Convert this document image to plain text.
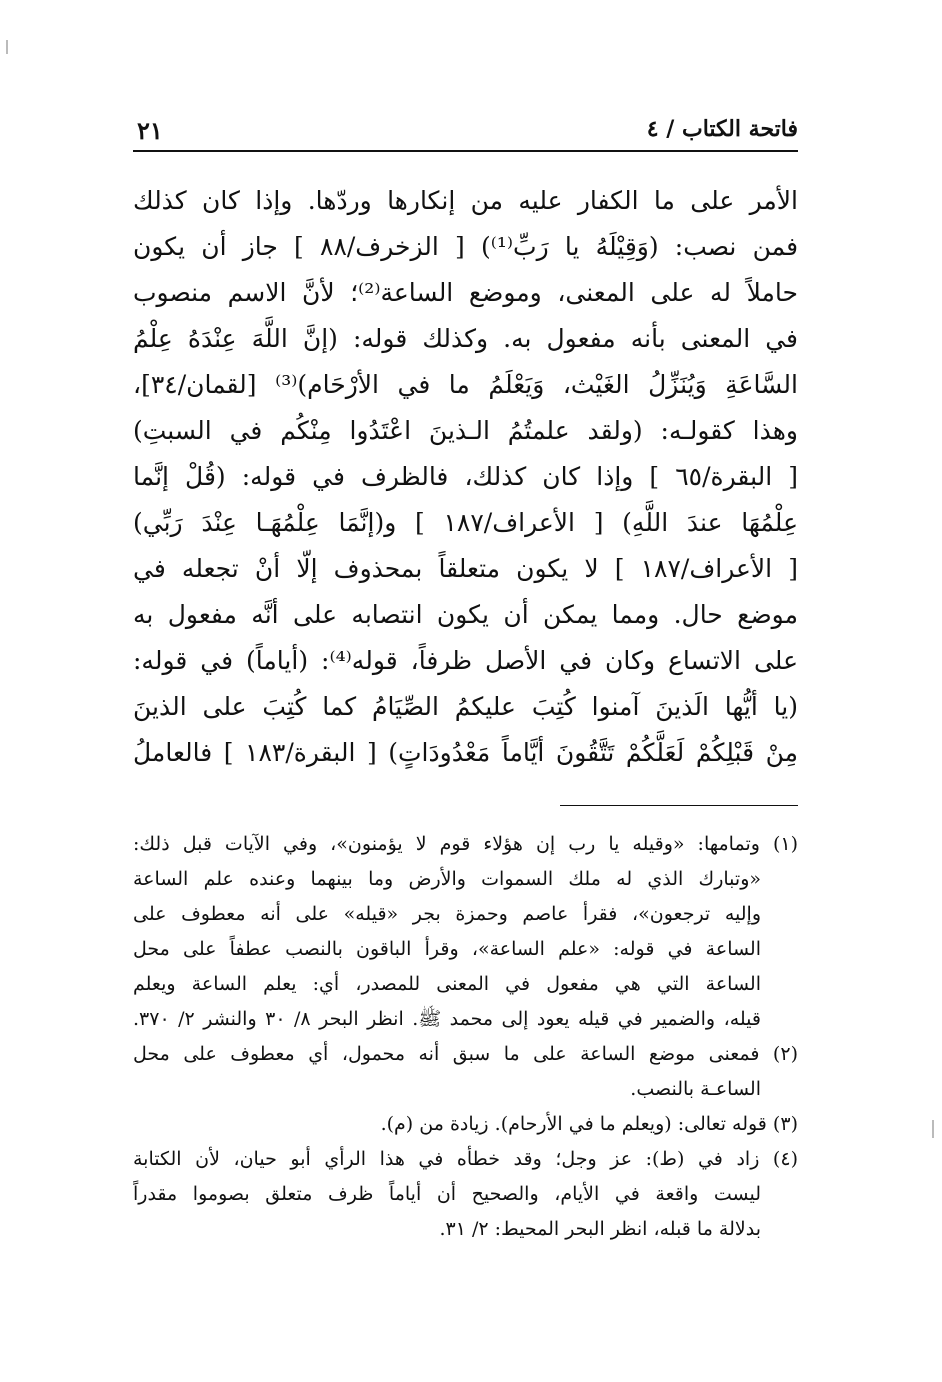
فاتحة الكتاب / ٤
٢١
الأمر على ما الكفار عليه من إنكارها وردّها. وإذا كان كذلك
فمن نصب: (وَقِيْلَهُ يا رَبِّ⁽¹⁾) [ الزخرف/٨٨ ] جاز أن يكون
حاملاً له على المعنى، وموضع الساعة⁽²⁾؛ لأنَّ الاسم منصوب
في المعنى بأنه مفعول به. وكذلك قوله: (إنَّ اللَّهَ عِنْدَهُ عِلْمُ
السَّاعَةِ وَيُنَزِّلُ الغَيْث، وَيَعْلَمُ ما في الأرْحَام)⁽³⁾ [لقمان/٣٤]،
وهذا كقولـه: (ولقد علمتُمُ الـذينَ اعْتَدُوا مِنْكُم في السبتِ)
[ البقرة/٦٥ ] وإذا كان كذلك، فالظرف في قوله: (قُلْ إنَّما
عِلْمُهَا عندَ اللَّهِ) [ الأعراف/١٨٧ ] و(إنَّمَا عِلْمُهَـا عِنْدَ رَبِّي)
[ الأعراف/١٨٧ ] لا يكون متعلقاً بمحذوف إلّا أنْ تجعله في
موضع حال. ومما يمكن أن يكون انتصابه على أنَّه مفعول به
على الاتساع وكان في الأصل ظرفاً، قوله⁽⁴⁾: (أياماً) في قوله:
(يا أيُّها الَذينَ آمنوا كُتِبَ عليكمُ الصِّيَامُ كما كُتِبَ على الذينَ
مِنْ قَبْلِكُمْ لَعَلَّكُمْ تَتَّقُونَ أيَّاماً مَعْدُودَاتٍ) [ البقرة/١٨٣ ] فالعاملُ
(١) وتمامها: «وقيله يا رب إن هؤلاء قوم لا يؤمنون»، وفي الآيات قبل ذلك:
«وتبارك الذي له ملك السموات والأرض وما بينهما وعنده علم الساعة
وإليه ترجعون»، فقرأ عاصم وحمزة بجر «قيله» على أنه معطوف على
الساعة في قوله: «علم الساعة»، وقرأ الباقون بالنصب عطفاً على محل
الساعة التي هي مفعول في المعنى للمصدر، أي: يعلم الساعة ويعلم
قيله، والضمير في قيله يعود إلى محمد ﷺ. انظر البحر ٨/ ٣٠ والنشر ٢/ ٣٧٠.
(٢) فمعنى موضع الساعة على ما سبق أنه محمول، أي معطوف على محل
الساعـة بالنصب.
(٣) قوله تعالى: (ويعلم ما في الأرحام). زيادة من (م).
(٤) زاد في (ط): عز وجل؛ وقد خطأه في هذا الرأي أبو حيان، لأن الكتابة
ليست واقعة في الأيام، والصحيح أن أياماً ظرف متعلق بصوموا مقدراً
بدلالة ما قبله، انظر البحر المحيط: ٢/ ٣١.
